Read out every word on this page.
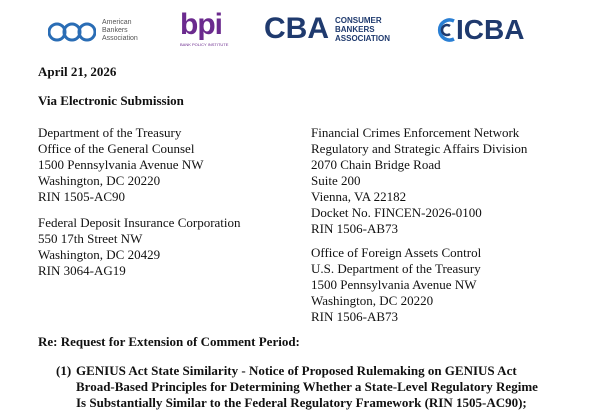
American
Bankers
Association bpi
BANK POLICY INSTITUTE CBA CONSUMER
BANKERS
ASSOCIATION ICBA
April 21, 2026
Via Electronic Submission
Department of the Treasury
Office of the General Counsel
1500 Pennsylvania Avenue NW
Washington, DC 20220
RIN 1505-AC90
Federal Deposit Insurance Corporation
550 17th Street NW
Washington, DC 20429
RIN 3064-AG19
Financial Crimes Enforcement Network
Regulatory and Strategic Affairs Division
2070 Chain Bridge Road
Suite 200
Vienna, VA 22182
Docket No. FINCEN-2026-0100
RIN 1506-AB73
Office of Foreign Assets Control
U.S. Department of the Treasury
1500 Pennsylvania Avenue NW
Washington, DC 20220
RIN 1506-AB73
Re: Request for Extension of Comment Period:
(1) GENIUS Act State Similarity - Notice of Proposed Rulemaking on GENIUS Act
Broad-Based Principles for Determining Whether a State-Level Regulatory Regime
Is Substantially Similar to the Federal Regulatory Framework (RIN 1505-AC90);
